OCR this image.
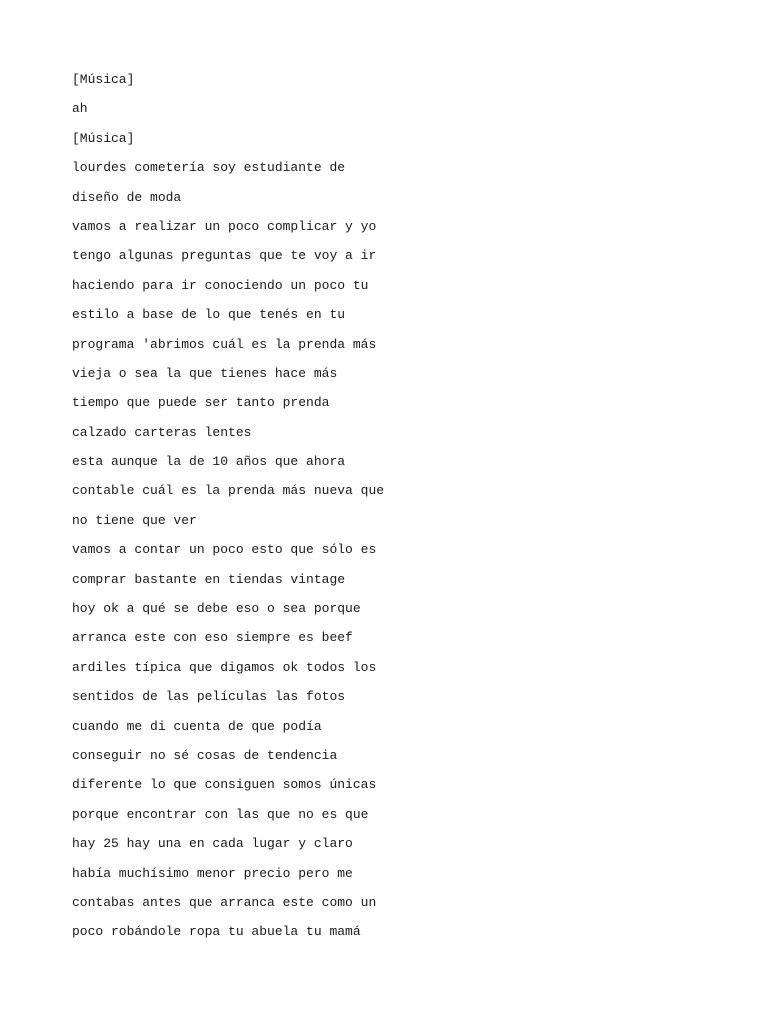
[Música]
ah
[Música]
lourdes cometería soy estudiante de
diseño de moda
vamos a realizar un poco complicar y yo
tengo algunas preguntas que te voy a ir
haciendo para ir conociendo un poco tu
estilo a base de lo que tenés en tu
programa 'abrimos cuál es la prenda más
vieja o sea la que tienes hace más
tiempo que puede ser tanto prenda
calzado carteras lentes
esta aunque la de 10 años que ahora
contable cuál es la prenda más nueva que
no tiene que ver
vamos a contar un poco esto que sólo es
comprar bastante en tiendas vintage
hoy ok a qué se debe eso o sea porque
arranca este con eso siempre es beef
ardiles típica que digamos ok todos los
sentidos de las películas las fotos
cuando me di cuenta de que podía
conseguir no sé cosas de tendencia
diferente lo que consiguen somos únicas
porque encontrar con las que no es que
hay 25 hay una en cada lugar y claro
había muchísimo menor precio pero me
contabas antes que arranca este como un
poco robándole ropa tu abuela tu mamá
